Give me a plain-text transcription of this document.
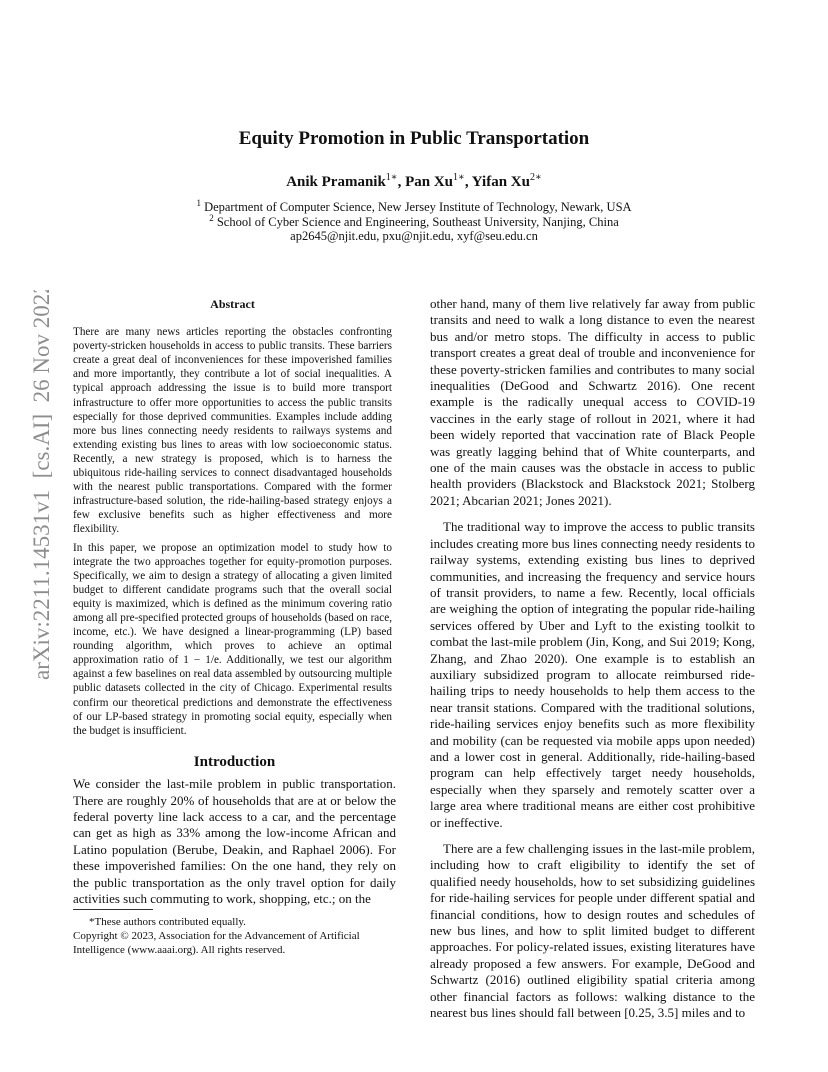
arXiv:2211.14531v1  [cs.AI]  26 Nov 2022
Equity Promotion in Public Transportation
Anik Pramanik$^{1∗}$, Pan $Xu^{1∗}$, Yifan $Xu^{2∗}$
$^1$ Department of Computer Science, New Jersey Institute of Technology, Newark, USA
$^2$ School of Cyber Science and Engineering, Southeast University, Nanjing, China
ap2645@njit.edu, pxu@njit.edu, xyf@seu.edu.cn
Abstract

There are many news articles reporting the obstacles confronting poverty-stricken households in access to public transits. These barriers create a great deal of inconveniences for these impoverished families and more importantly, they contribute a lot of social inequalities. A typical approach addressing the issue is to build more transport infrastructure to offer more opportunities to access the public transits especially for those deprived communities. Examples include adding more bus lines connecting needy residents to railways systems and extending existing bus lines to areas with low socioeconomic status. Recently, a new strategy is proposed, which is to harness the ubiquitous ride-hailing services to connect disadvantaged households with the nearest public transportations. Compared with the former infrastructure-based solution, the ride-hailing-based strategy enjoys a few exclusive benefits such as higher effectiveness and more flexibility.

In this paper, we propose an optimization model to study how to integrate the two approaches together for equity-promotion purposes. Specifically, we aim to design a strategy of allocating a given limited budget to different candidate programs such that the overall social equity is maximized, which is defined as the minimum covering ratio among all pre-specified protected groups of households (based on race, income, etc.). We have designed a linear-programming (LP) based rounding algorithm, which proves to achieve an optimal approximation ratio of 1 − 1/e. Additionally, we test our algorithm against a few baselines on real data assembled by outsourcing multiple public datasets collected in the city of Chicago. Experimental results confirm our theoretical predictions and demonstrate the effectiveness of our LP-based strategy in promoting social equity, especially when the budget is insufficient.

Introduction

We consider the last-mile problem in public transportation. There are roughly 20% of households that are at or below the federal poverty line lack access to a car, and the percentage can get as high as 33% among the low-income African and Latino population (Berube, Deakin, and Raphael 2006). For these impoverished families: On the one hand, they rely on the public transportation as the only travel option for daily activities such commuting to work, shopping, etc.; on the

*These authors contributed equally.

Copyright © 2023, Association for the Advancement of Artificial Intelligence (www.aaai.org). All rights reserved.

other hand, many of them live relatively far away from public transits and need to walk a long distance to even the nearest bus and/or metro stops. The difficulty in access to public transport creates a great deal of trouble and inconvenience for these poverty-stricken families and contributes to many social inequalities (DeGood and Schwartz 2016). One recent example is the radically unequal access to COVID-19 vaccines in the early stage of rollout in 2021, where it had been widely reported that vaccination rate of Black People was greatly lagging behind that of White counterparts, and one of the main causes was the obstacle in access to public health providers (Blackstock and Blackstock 2021; Stolberg 2021; Abcarian 2021; Jones 2021).

The traditional way to improve the access to public transits includes creating more bus lines connecting needy residents to railway systems, extending existing bus lines to deprived communities, and increasing the frequency and service hours of transit providers, to name a few. Recently, local officials are weighing the option of integrating the popular ride-hailing services offered by Uber and Lyft to the existing toolkit to combat the last-mile problem (Jin, Kong, and Sui 2019; Kong, Zhang, and Zhao 2020). One example is to establish an auxiliary subsidized program to allocate reimbursed ride-hailing trips to needy households to help them access to the near transit stations. Compared with the traditional solutions, ride-hailing services enjoy benefits such as more flexibility and mobility (can be requested via mobile apps upon needed) and a lower cost in general. Additionally, ride-hailing-based program can help effectively target needy households, especially when they sparsely and remotely scatter over a large area where traditional means are either cost prohibitive or ineffective.

There are a few challenging issues in the last-mile problem, including how to craft eligibility to identify the set of qualified needy households, how to set subsidizing guidelines for ride-hailing services for people under different spatial and financial conditions, how to design routes and schedules of new bus lines, and how to split limited budget to different approaches. For policy-related issues, existing literatures have already proposed a few answers. For example, DeGood and Schwartz (2016) outlined eligibility spatial criteria among other financial factors as follows: walking distance to the nearest bus lines should fall between [0.25, 3.5] miles and to
